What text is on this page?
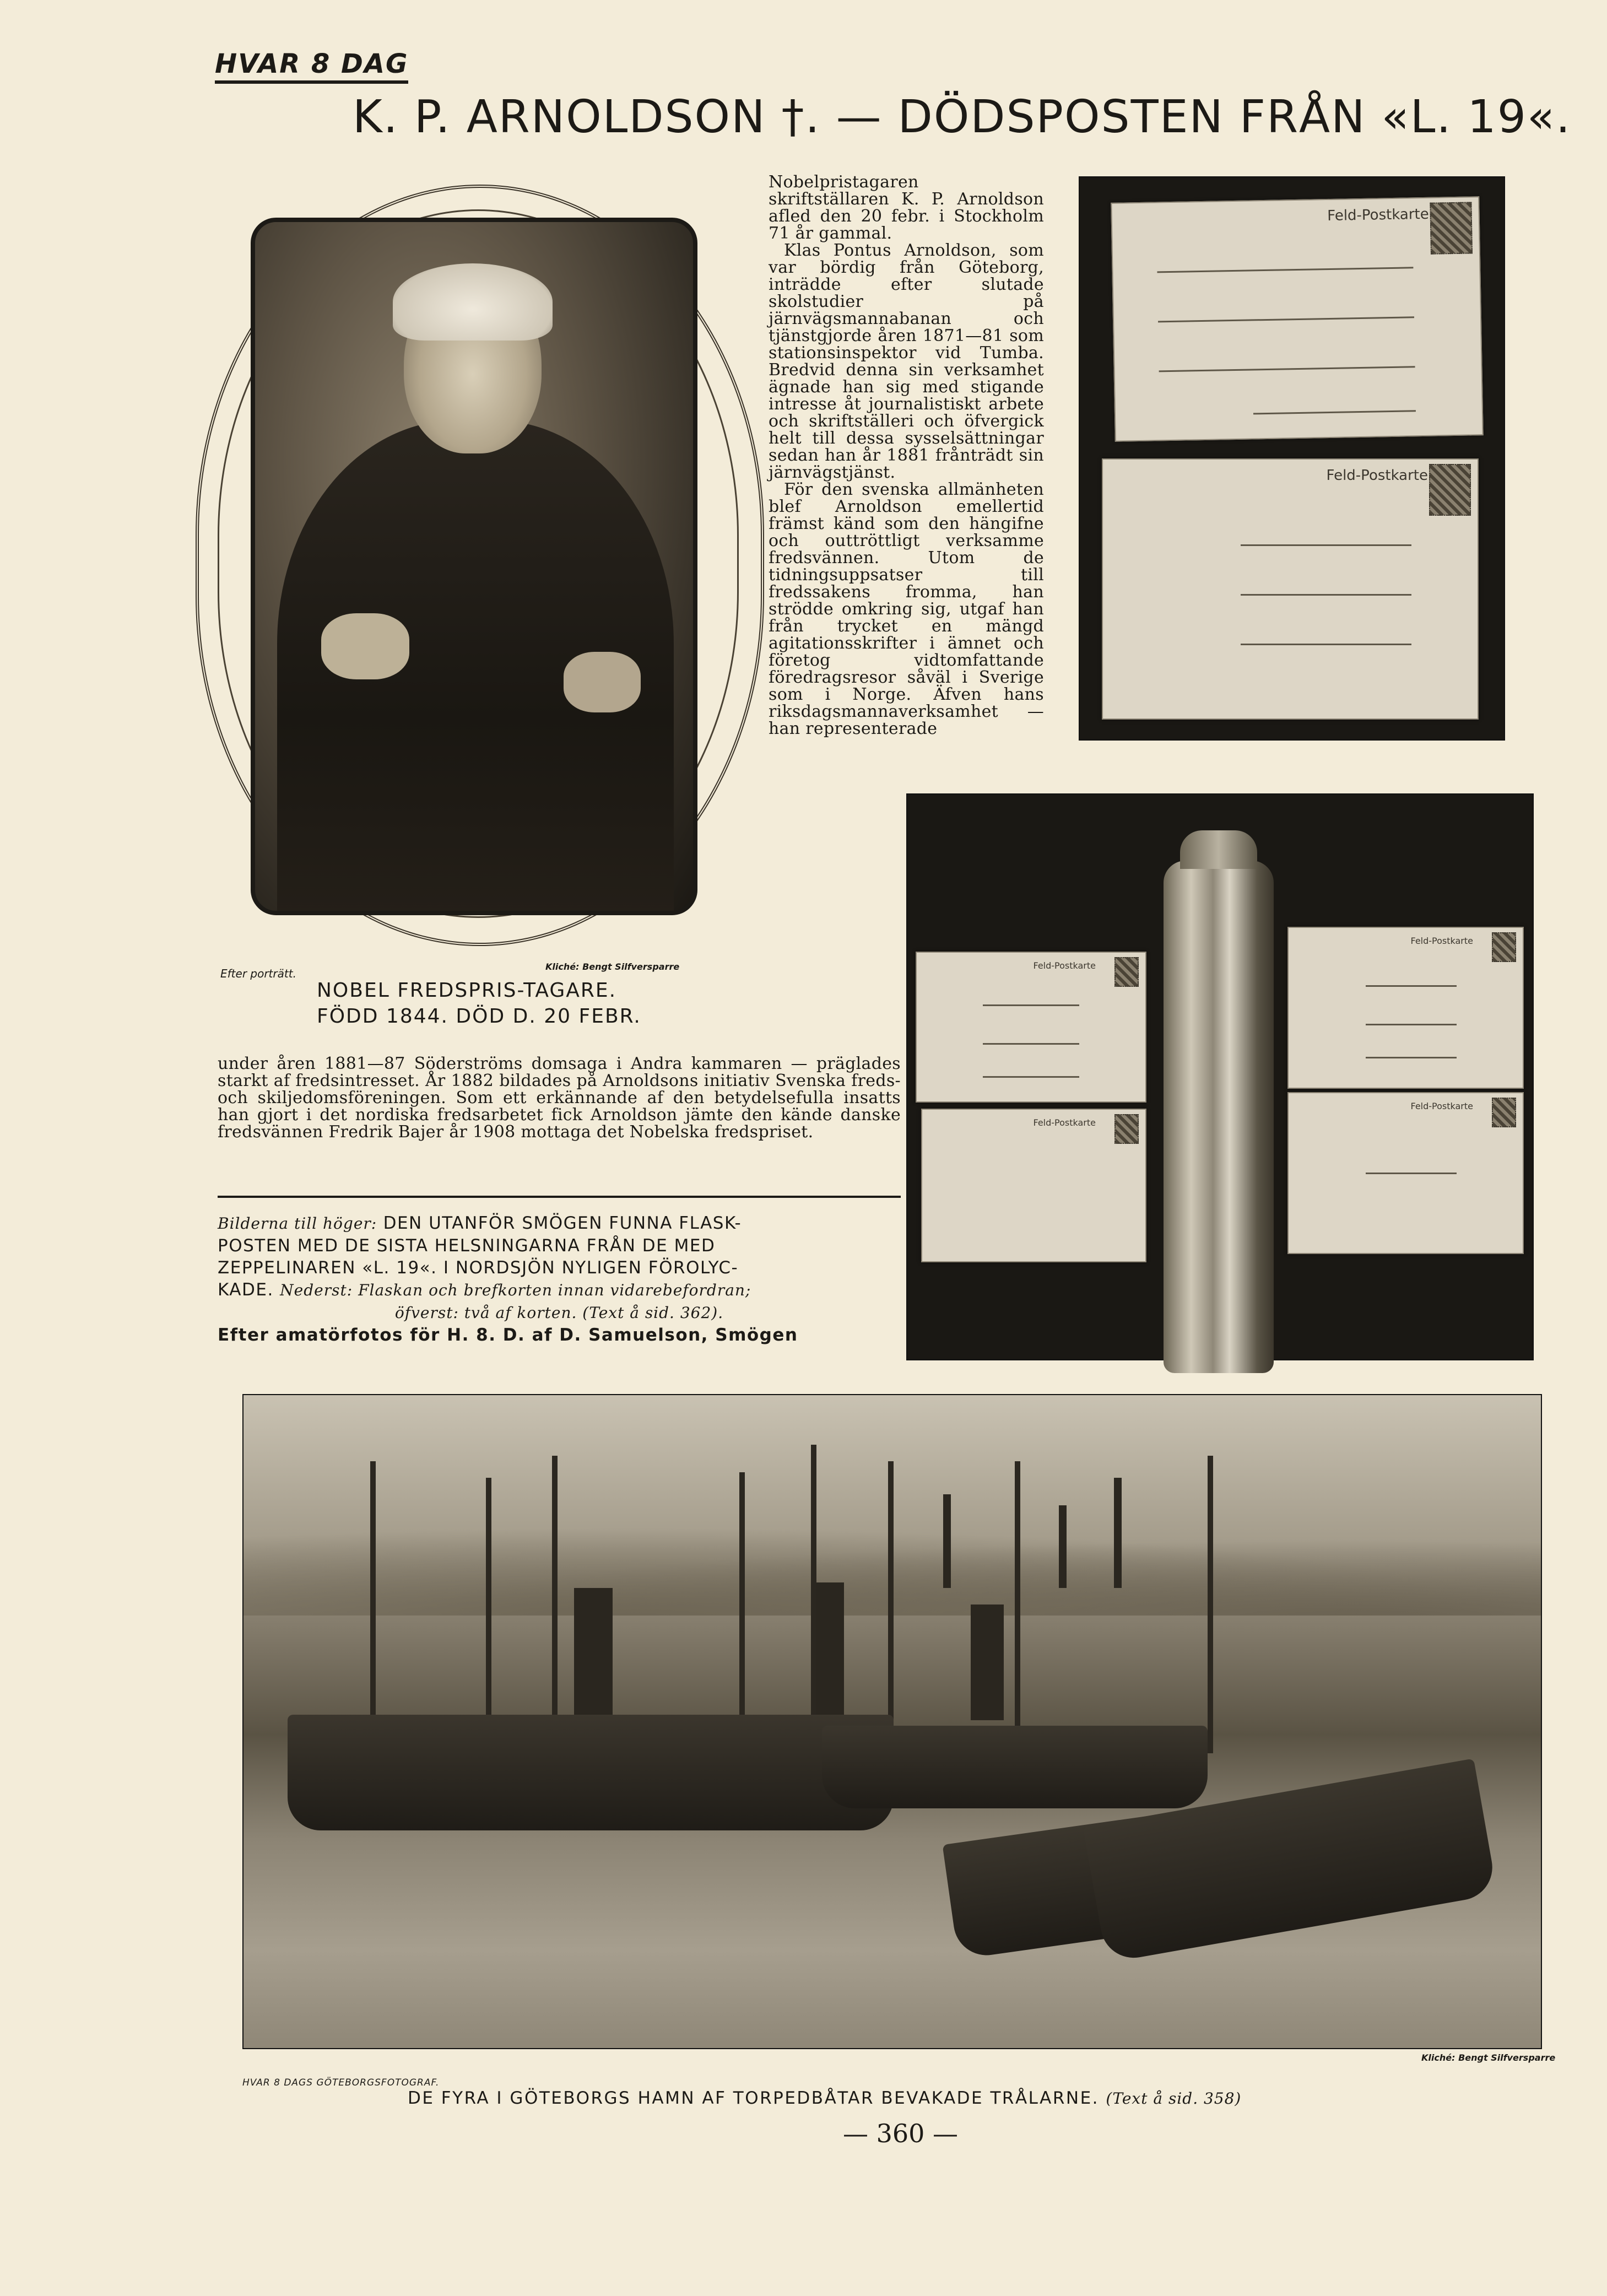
HVAR 8 DAG
K. P. ARNOLDSON †. — DÖDSPOSTEN FRÅN «L. 19«.
Efter porträtt.
Kliché: Bengt Silfversparre
NOBEL FREDSPRIS-TAGARE.
FÖDD 1844. DÖD D. 20 FEBR.

Nobelpristagaren skriftställaren K. P. Arnoldson afled den 20 febr. i Stockholm 71 år gammal.

Klas Pontus Arnoldson, som var bördig från Göteborg, inträdde efter slutade skolstudier på järnvägsmannabanan och tjänstgjorde åren 1871—81 som stationsinspektor vid Tumba. Bredvid denna sin verksamhet ägnade han sig med stigande intresse åt journalistiskt arbete och skriftställeri och öfvergick helt till dessa sysselsättningar sedan han år 1881 frånträdt sin järnvägstjänst.

För den svenska allmänheten blef Arnoldson emellertid främst känd som den hängifne och outtröttligt verksamme fredsvännen. Utom de tidningsuppsatser till fredssakens fromma, han strödde omkring sig, utgaf han från trycket en mängd agitationsskrifter i ämnet och företog vidtomfattande föredragsresor såväl i Sverige som i Norge. Äfven hans riksdagsmannaverksamhet — han representerade

under åren 1881—87 Söderströms domsaga i Andra kammaren — präglades starkt af fredsintresset. År 1882 bildades på Arnoldsons initiativ Svenska freds- och skiljedomsföreningen. Som ett erkännande af den betydelsefulla insatts han gjort i det nordiska fredsarbetet fick Arnoldson jämte den kände danske fredsvännen Fredrik Bajer år 1908 mottaga det Nobelska fredspriset.

Feld-Postkarte
Feld-Postkarte
Feld-Postkarte
Feld-Postkarte
Feld-Postkarte
Feld-Postkarte
Bilderna till höger: DEN UTANFÖR SMÖGEN FUNNA FLASK-
POSTEN MED DE SISTA HELSNINGARNA FRÅN DE MED
ZEPPELINAREN «L. 19«. I NORDSJÖN NYLIGEN FÖROLYC-
KADE. Nederst: Flaskan och brefkorten innan vidarebefordran;
öfverst: två af korten. (Text å sid. 362).
Efter amatörfotos för H. 8. D. af D. Samuelson, Smögen
HVAR 8 DAGS GÖTEBORGSFOTOGRAF.
Kliché: Bengt Silfversparre
DE FYRA I GÖTEBORGS HAMN AF TORPEDBÅTAR BEVAKADE TRÅLARNE. (Text å sid. 358)
— 360 —
